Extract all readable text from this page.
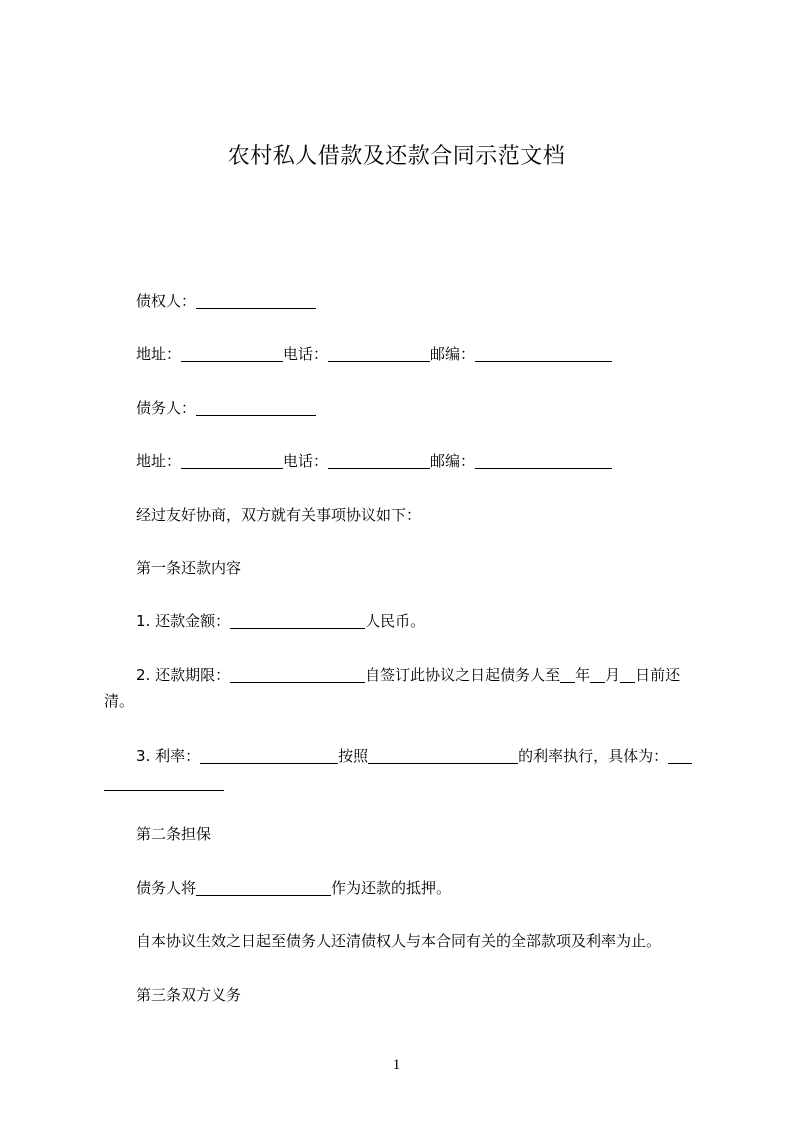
农村私人借款及还款合同示范文档
债权人：
地址：	电话：	邮编：
债务人：
地址：	电话：	邮编：
经过友好协商，双方就有关事项协议如下：
第一条还款内容
1. 还款金额：	人民币。
2. 还款期限：	自签订此协议之日起债务人至 年 月 日前还
清。
3. 利率：	按照	的利率执行，具体为：
第二条担保
债务人将	作为还款的抵押。
自本协议生效之日起至债务人还清债权人与本合同有关的全部款项及利率为止。
第三条双方义务
1
